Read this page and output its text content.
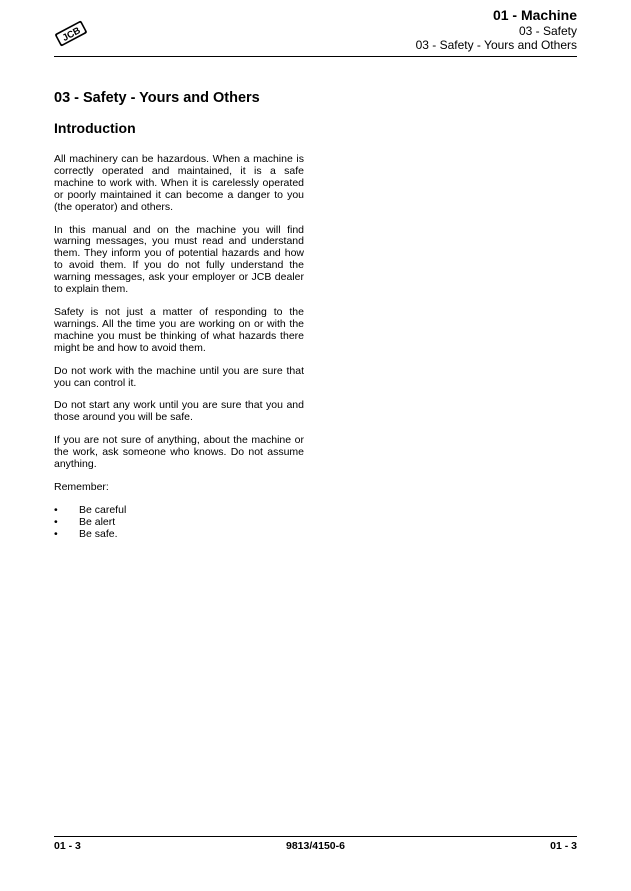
JCB
01 - Machine
03 - Safety
03 - Safety - Yours and Others
03 - Safety - Yours and Others
Introduction

All machinery can be hazardous. When a machine is correctly operated and maintained, it is a safe machine to work with. When it is carelessly operated or poorly maintained it can become a danger to you (the operator) and others.

In this manual and on the machine you will find warning messages, you must read and understand them. They inform you of potential hazards and how to avoid them. If you do not fully understand the warning messages, ask your employer or JCB dealer to explain them.

Safety is not just a matter of responding to the warnings. All the time you are working on or with the machine you must be thinking of what hazards there might be and how to avoid them.

Do not work with the machine until you are sure that you can control it.

Do not start any work until you are sure that you and those around you will be safe.

If you are not sure of anything, about the machine or the work, ask someone who knows. Do not assume anything.

Remember:

• Be careful
• Be alert
• Be safe.
01 - 3	9813/4150-6	01 - 3
